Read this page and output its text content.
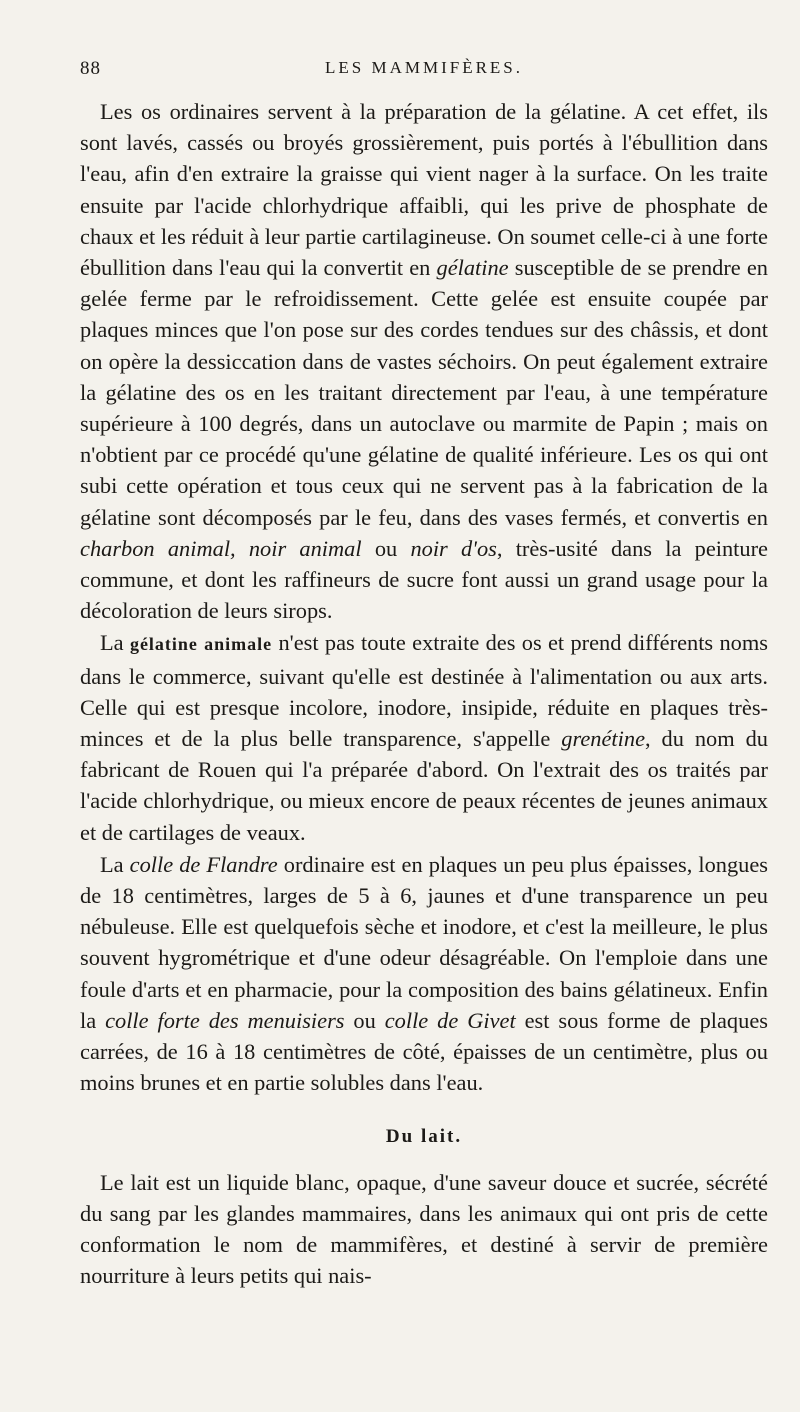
88	LES MAMMIFÈRES.

Les os ordinaires servent à la préparation de la gélatine. A cet effet, ils sont lavés, cassés ou broyés grossièrement, puis portés à l'ébullition dans l'eau, afin d'en extraire la graisse qui vient nager à la surface. On les traite ensuite par l'acide chlorhydrique affaibli, qui les prive de phosphate de chaux et les réduit à leur partie cartilagineuse. On soumet celle-ci à une forte ébullition dans l'eau qui la convertit en gélatine susceptible de se prendre en gelée ferme par le refroidissement. Cette gelée est ensuite coupée par plaques minces que l'on pose sur des cordes tendues sur des châssis, et dont on opère la dessiccation dans de vastes séchoirs. On peut également extraire la gélatine des os en les traitant directement par l'eau, à une température supérieure à 100 degrés, dans un autoclave ou marmite de Papin ; mais on n'obtient par ce procédé qu'une gélatine de qualité inférieure. Les os qui ont subi cette opération et tous ceux qui ne servent pas à la fabrication de la gélatine sont décomposés par le feu, dans des vases fermés, et convertis en charbon animal, noir animal ou noir d'os, très-usité dans la peinture commune, et dont les raffineurs de sucre font aussi un grand usage pour la décoloration de leurs sirops.

La gélatine animale n'est pas toute extraite des os et prend différents noms dans le commerce, suivant qu'elle est destinée à l'alimentation ou aux arts. Celle qui est presque incolore, inodore, insipide, réduite en plaques très-minces et de la plus belle transparence, s'appelle grenétine, du nom du fabricant de Rouen qui l'a préparée d'abord. On l'extrait des os traités par l'acide chlorhydrique, ou mieux encore de peaux récentes de jeunes animaux et de cartilages de veaux.

La colle de Flandre ordinaire est en plaques un peu plus épaisses, longues de 18 centimètres, larges de 5 à 6, jaunes et d'une transparence un peu nébuleuse. Elle est quelquefois sèche et inodore, et c'est la meilleure, le plus souvent hygrométrique et d'une odeur désagréable. On l'emploie dans une foule d'arts et en pharmacie, pour la composition des bains gélatineux. Enfin la colle forte des menuisiers ou colle de Givet est sous forme de plaques carrées, de 16 à 18 centimètres de côté, épaisses de un centimètre, plus ou moins brunes et en partie solubles dans l'eau.

Du lait.

Le lait est un liquide blanc, opaque, d'une saveur douce et sucrée, sécrété du sang par les glandes mammaires, dans les animaux qui ont pris de cette conformation le nom de mammifères, et destiné à servir de première nourriture à leurs petits qui nais-
